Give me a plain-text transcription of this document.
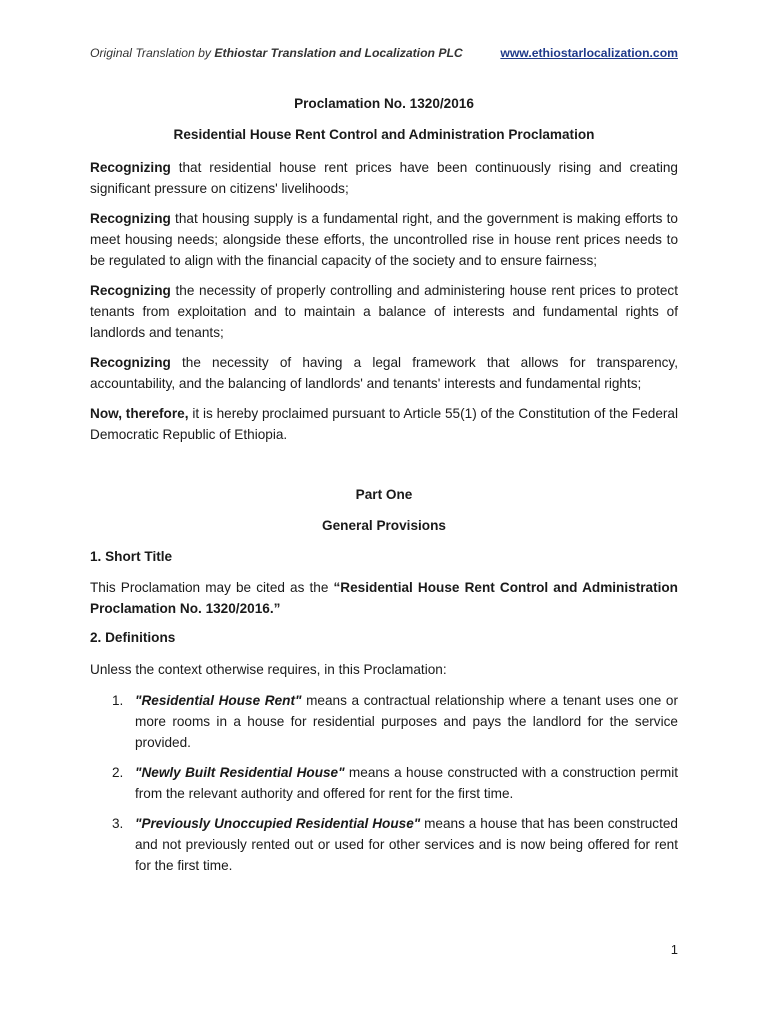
Original Translation by Ethiostar Translation and Localization PLC	www.ethiostarlocalization.com
Proclamation No. 1320/2016
Residential House Rent Control and Administration Proclamation
Recognizing that residential house rent prices have been continuously rising and creating significant pressure on citizens' livelihoods;
Recognizing that housing supply is a fundamental right, and the government is making efforts to meet housing needs; alongside these efforts, the uncontrolled rise in house rent prices needs to be regulated to align with the financial capacity of the society and to ensure fairness;
Recognizing the necessity of properly controlling and administering house rent prices to protect tenants from exploitation and to maintain a balance of interests and fundamental rights of landlords and tenants;
Recognizing the necessity of having a legal framework that allows for transparency, accountability, and the balancing of landlords' and tenants' interests and fundamental rights;
Now, therefore, it is hereby proclaimed pursuant to Article 55(1) of the Constitution of the Federal Democratic Republic of Ethiopia.
Part One
General Provisions
1. Short Title
This Proclamation may be cited as the “Residential House Rent Control and Administration Proclamation No. 1320/2016.”
2. Definitions
Unless the context otherwise requires, in this Proclamation:
1. "Residential House Rent" means a contractual relationship where a tenant uses one or more rooms in a house for residential purposes and pays the landlord for the service provided.
2. "Newly Built Residential House" means a house constructed with a construction permit from the relevant authority and offered for rent for the first time.
3. "Previously Unoccupied Residential House" means a house that has been constructed and not previously rented out or used for other services and is now being offered for rent for the first time.
1
